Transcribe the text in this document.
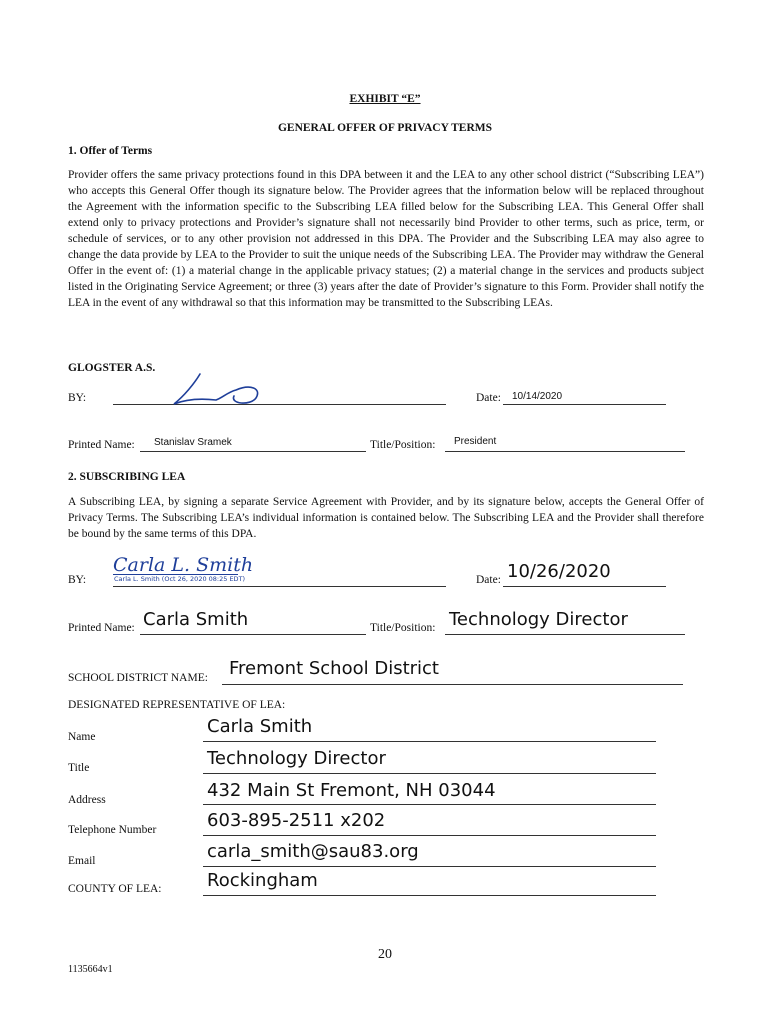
EXHIBIT “E”
GENERAL OFFER OF PRIVACY TERMS
1. Offer of Terms
Provider offers the same privacy protections found in this DPA between it and the LEA to any other school district (“Subscribing LEA”) who accepts this General Offer though its signature below. The Provider agrees that the information below will be replaced throughout the Agreement with the information specific to the Subscribing LEA filled below for the Subscribing LEA. This General Offer shall extend only to privacy protections and Provider’s signature shall not necessarily bind Provider to other terms, such as price, term, or schedule of services, or to any other provision not addressed in this DPA. The Provider and the Subscribing LEA may also agree to change the data provide by LEA to the Provider to suit the unique needs of the Subscribing LEA. The Provider may withdraw the General Offer in the event of: (1) a material change in the applicable privacy statues; (2) a material change in the services and products subject listed in the Originating Service Agreement; or three (3) years after the date of Provider’s signature to this Form. Provider shall notify the LEA in the event of any withdrawal so that this information may be transmitted to the Subscribing LEAs.
GLOGSTER A.S.
BY:	Date: 10/14/2020
Printed Name: Stanislav Sramek	Title/Position: President
2. SUBSCRIBING LEA
A Subscribing LEA, by signing a separate Service Agreement with Provider, and by its signature below, accepts the General Offer of Privacy Terms. The Subscribing LEA’s individual information is contained below. The Subscribing LEA and the Provider shall therefore be bound by the same terms of this DPA.
BY:
Carla L. Smith
Carla L. Smith (Oct 26, 2020 08:25 EDT)	Date: 10/26/2020
Printed Name: Carla Smith	Title/Position: Technology Director
SCHOOL DISTRICT NAME: Fremont School District
DESIGNATED REPRESENTATIVE OF LEA:
Name	Carla Smith
Title	Technology Director
Address	432 Main St Fremont, NH 03044
Telephone Number	603-895-2511 x202
Email	carla_smith@sau83.org
COUNTY OF LEA:	Rockingham
20
1135664v1
